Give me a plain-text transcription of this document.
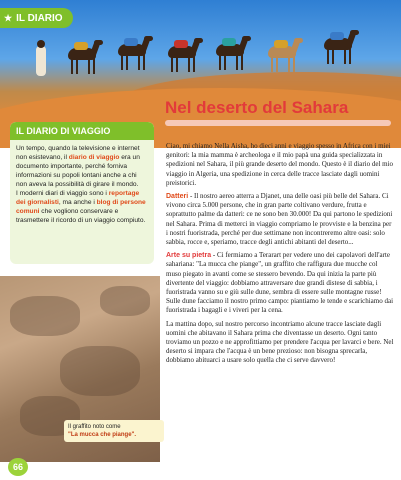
★ IL DIARIO
Nel deserto del Sahara
IL DIARIO DI VIAGGIO
Un tempo, quando la televisione e internet non esistevano, il diario di viaggio era un documento importante, perché forniva informazioni su popoli lontani anche a chi non aveva la possibilità di girare il mondo.
I moderni diari di viaggio sono i reportage dei giornalisti, ma anche i blog di persone comuni che vogliono conservare e trasmettere il ricordo di un viaggio compiuto.
Il graffito noto come
"La mucca che piange".
66

Ciao, mi chiamo Nella Aisha, ho dieci anni e viaggio spesso in Africa con i miei genitori: la mia mamma è archeologa e il mio papà una guida specializzata in spedizioni nel Sahara, il più grande deserto del mondo. Questo è il diario del mio viaggio in Algeria, una spedizione in cerca delle tracce lasciate dagli uomini preistorici.

Datteri - Il nostro aereo atterra a Djanet, una delle oasi più belle del Sahara. Ci vivono circa 5.000 persone, che in gran parte coltivano verdure, frutta e soprattutto palme da datteri: ce ne sono ben 30.000! Da qui partono le spedizioni nel Sahara. Prima di metterci in viaggio compriamo le provviste e la benzina per i nostri fuoristrada, perché per due settimane non incontreremo altre oasi: solo sabbia, rocce e, speriamo, tracce degli antichi abitanti del deserto...

Arte su pietra - Ci fermiamo a Terarart per vedere uno dei capolavori dell'arte sahariana: "La mucca che piange", un graffito che raffigura due mucche col muso piegato in avanti come se stessero bevendo. Da qui inizia la parte più divertente del viaggio: dobbiamo attraversare due grandi distese di sabbia, i fuoristrada vanno su e giù sulle dune, sembra di essere sulle montagne russe! Sulle dune facciamo il nostro primo campo: piantiamo le tende e scarichiamo dai fuoristrada i bagagli e i viveri per la cena.

La mattina dopo, sul nostro percorso incontriamo alcune tracce lasciate dagli uomini che abitavano il Sahara prima che diventasse un deserto. Ogni tanto troviamo un pozzo e ne approfittiamo per prendere l'acqua per lavarci e bere. Nel deserto si impara che l'acqua è un bene prezioso: non bisogna sprecarla, dobbiamo abituarci a usare solo quella che ci serve davvero!
